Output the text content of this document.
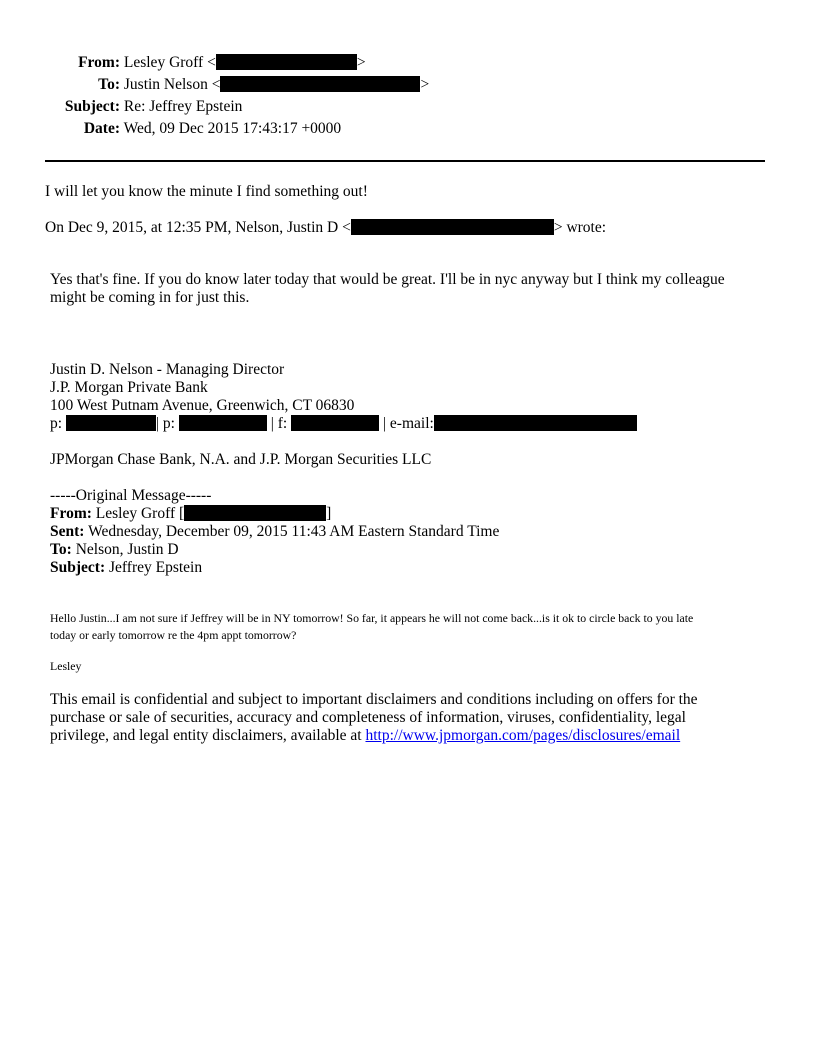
From: Lesley Groff <	>
To: Justin Nelson <	>
Subject: Re: Jeffrey Epstein
Date: Wed, 09 Dec 2015 17:43:17 +0000
I will let you know the minute I find something out!
On Dec 9, 2015, at 12:35 PM, Nelson, Justin D <	> wrote:
Yes that's fine. If you do know later today that would be great. I'll be in nyc anyway but I think my colleague
might be coming in for just this.
Justin D. Nelson - Managing Director
J.P. Morgan Private Bank
100 West Putnam Avenue, Greenwich, CT 06830
p:	| p:	| f:	| e-mail:
JPMorgan Chase Bank, N.A. and J.P. Morgan Securities LLC
-----Original Message-----
From: Lesley Groff [	]
Sent: Wednesday, December 09, 2015 11:43 AM Eastern Standard Time
To: Nelson, Justin D
Subject: Jeffrey Epstein
Hello Justin...I am not sure if Jeffrey will be in NY tomorrow! So far, it appears he will not come back...is it ok to circle back to you late
today or early tomorrow re the 4pm appt tomorrow?
Lesley
This email is confidential and subject to important disclaimers and conditions including on offers for the
purchase or sale of securities, accuracy and completeness of information, viruses, confidentiality, legal
privilege, and legal entity disclaimers, available at http://www.jpmorgan.com/pages/disclosures/email
